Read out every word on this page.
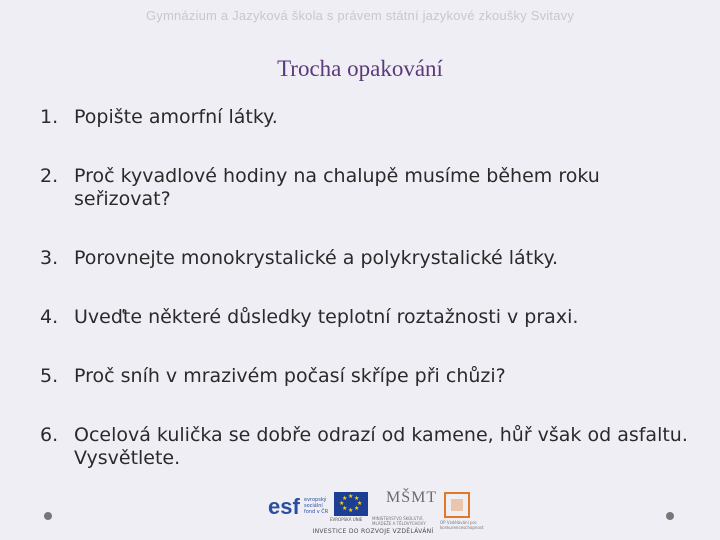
Gymnázium a Jazyková škola s právem státní jazykové zkoušky Svitavy
Trocha opakování
1. Popište amorfní látky.
2. Proč kyvadlové hodiny na chalupě musíme během roku seřizovat?
3. Porovnejte monokrystalické a polykrystalické látky.
4. Uveďte některé důsledky teplotní roztažnosti v praxi.
5. Proč sníh v mrazivém počasí skřípe při chůzi?
6. Ocelová kulička se dobře odrazí od kamene, hůř však od asfaltu. Vysvětlete.
esf evropský sociální fond v ČR
★ ★
★
★
★
★
★
★
EVROPSKÁ UNIE
MŠMT
MINISTERSTVO ŠKOLSTVÍ, MLÁDEŽE A TĚLOVÝCHOVY	OP Vzdělávání pro konkurenceschopnost
INVESTICE DO ROZVOJE VZDĚLÁVÁNÍ
